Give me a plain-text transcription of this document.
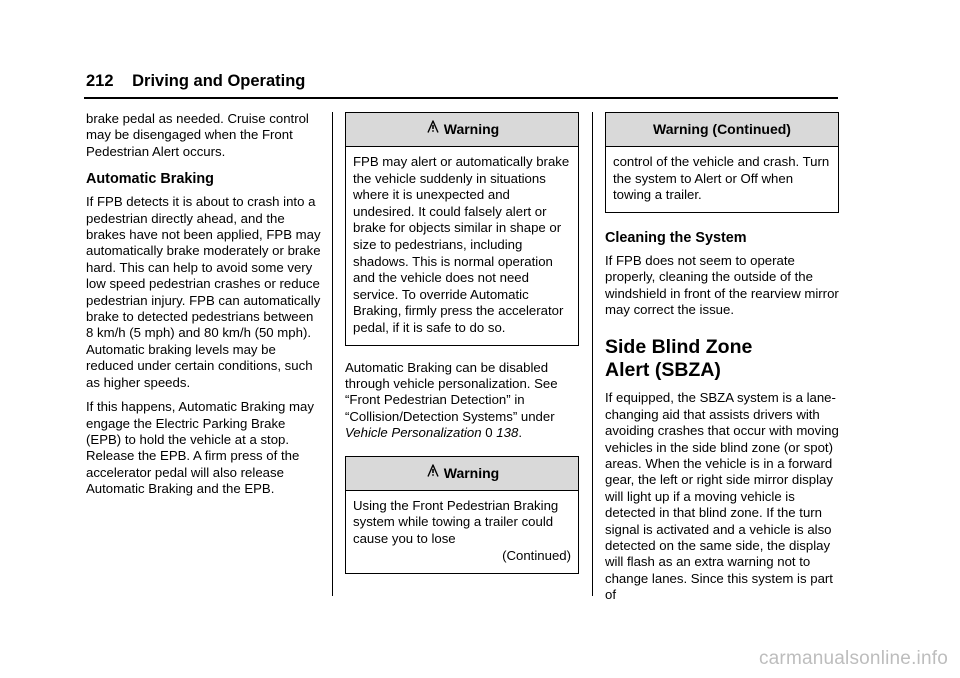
212 Driving and Operating

brake pedal as needed. Cruise control may be disengaged when the Front Pedestrian Alert occurs.

Automatic Braking

If FPB detects it is about to crash into a pedestrian directly ahead, and the brakes have not been applied, FPB may automatically brake moderately or brake hard. This can help to avoid some very low speed pedestrian crashes or reduce pedestrian injury. FPB can automatically brake to detected pedestrians between 8 km/h (5 mph) and 80 km/h (50 mph). Automatic braking levels may be reduced under certain conditions, such as higher speeds.

If this happens, Automatic Braking may engage the Electric Parking Brake (EPB) to hold the vehicle at a stop. Release the EPB. A firm press of the accelerator pedal will also release Automatic Braking and the EPB.

Warning

FPB may alert or automatically brake the vehicle suddenly in situations where it is unexpected and undesired. It could falsely alert or brake for objects similar in shape or size to pedestrians, including shadows. This is normal operation and the vehicle does not need service. To override Automatic Braking, firmly press the accelerator pedal, if it is safe to do so.

Automatic Braking can be disabled through vehicle personalization. See “Front Pedestrian Detection” in “Collision/Detection Systems” under Vehicle Personalization 0 138.

Warning

Using the Front Pedestrian Braking system while towing a trailer could cause you to lose

(Continued)
Warning (Continued)

control of the vehicle and crash. Turn the system to Alert or Off when towing a trailer.

Cleaning the System

If FPB does not seem to operate properly, cleaning the outside of the windshield in front of the rearview mirror may correct the issue.

Side Blind Zone
Alert (SBZA)

If equipped, the SBZA system is a lane-changing aid that assists drivers with avoiding crashes that occur with moving vehicles in the side blind zone (or spot) areas. When the vehicle is in a forward gear, the left or right side mirror display will light up if a moving vehicle is detected in that blind zone. If the turn signal is activated and a vehicle is also detected on the same side, the display will flash as an extra warning not to change lanes. Since this system is part of

carmanualsonline.info
